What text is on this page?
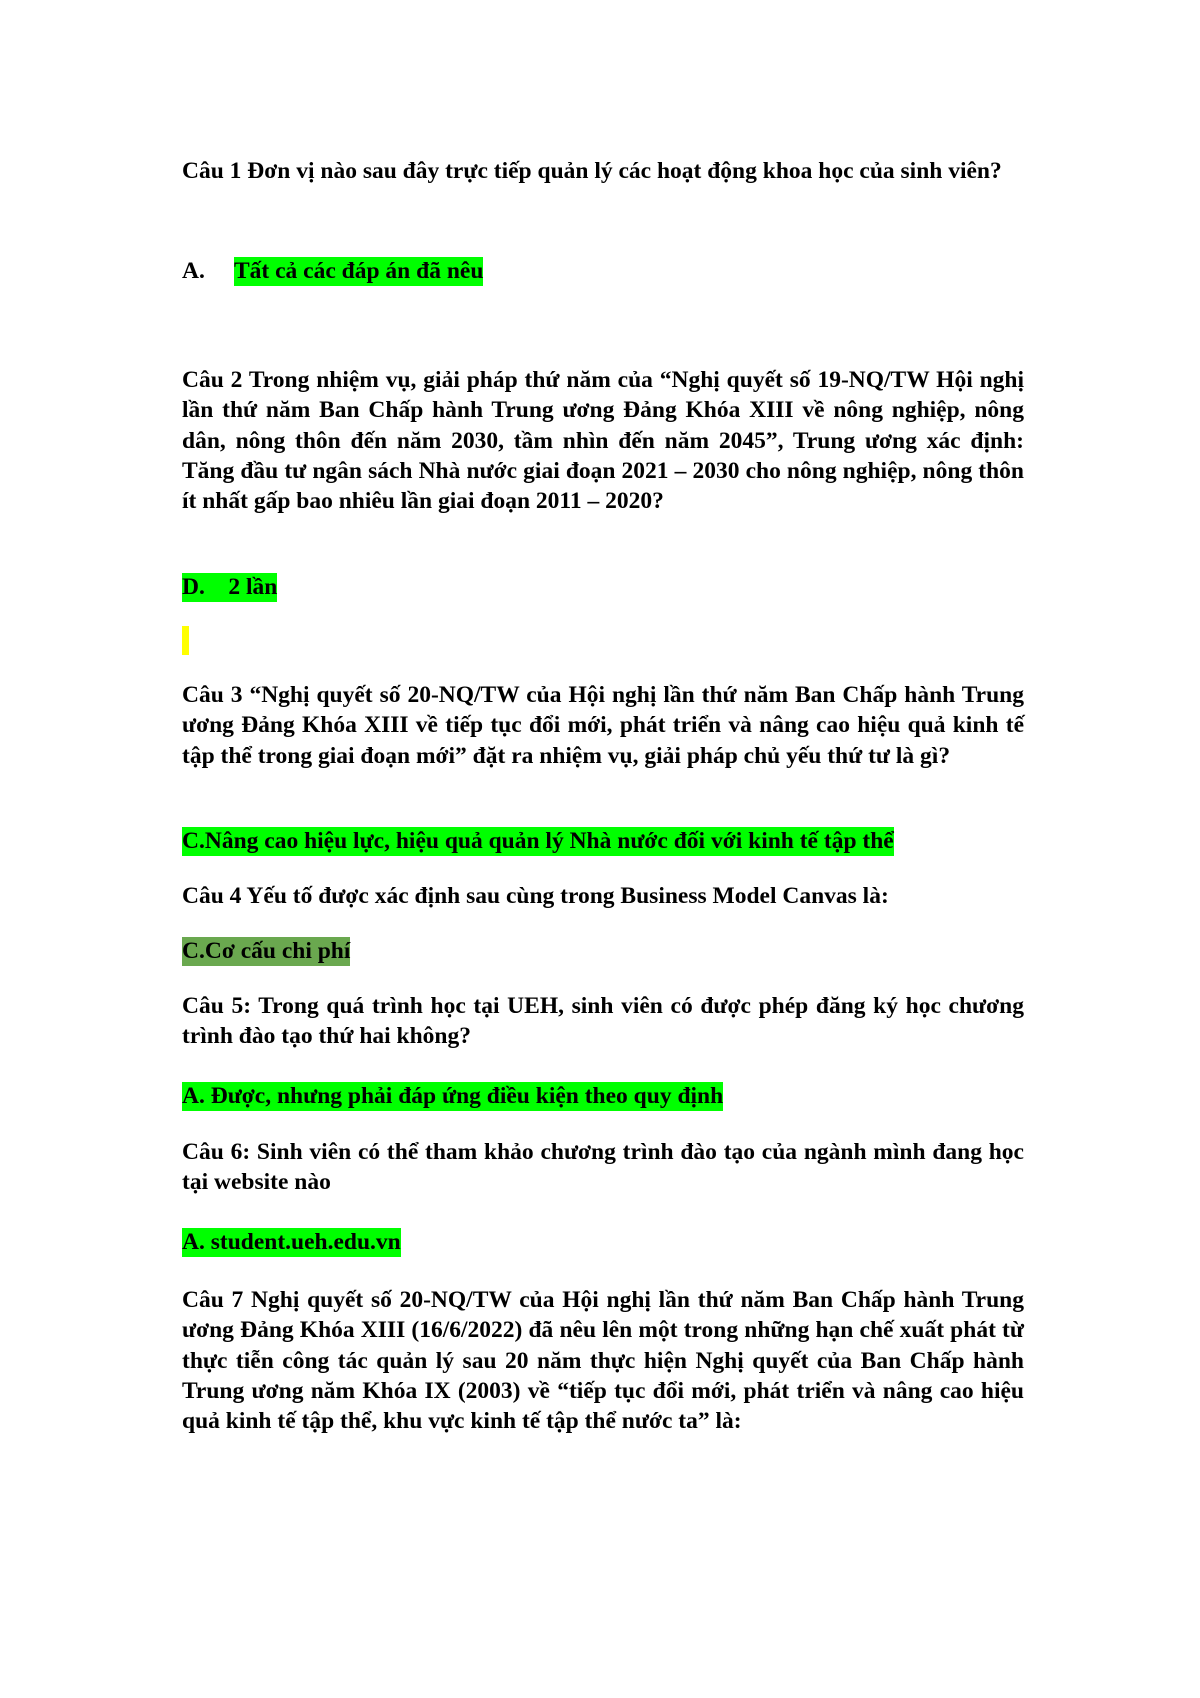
Câu 1 Đơn vị nào sau đây trực tiếp quản lý các hoạt động khoa học của sinh viên?

A. Tất cả các đáp án đã nêu

Câu 2 Trong nhiệm vụ, giải pháp thứ năm của “Nghị quyết số 19-NQ/TW Hội nghị lần thứ năm Ban Chấp hành Trung ương Đảng Khóa XIII về nông nghiệp, nông dân, nông thôn đến năm 2030, tầm nhìn đến năm 2045”, Trung ương xác định: Tăng đầu tư ngân sách Nhà nước giai đoạn 2021 – 2030 cho nông nghiệp, nông thôn ít nhất gấp bao nhiêu lần giai đoạn 2011 – 2020?

D.    2 lần

Câu 3 “Nghị quyết số 20-NQ/TW của Hội nghị lần thứ năm Ban Chấp hành Trung ương Đảng Khóa XIII về tiếp tục đổi mới, phát triển và nâng cao hiệu quả kinh tế tập thể trong giai đoạn mới” đặt ra nhiệm vụ, giải pháp chủ yếu thứ tư là gì?

C.Nâng cao hiệu lực, hiệu quả quản lý Nhà nước đối với kinh tế tập thể

Câu 4 Yếu tố được xác định sau cùng trong Business Model Canvas là:

C.Cơ cấu chi phí

Câu 5: Trong quá trình học tại UEH, sinh viên có được phép đăng ký học chương trình đào tạo thứ hai không?

A. Được, nhưng phải đáp ứng điều kiện theo quy định

Câu 6: Sinh viên có thể tham khảo chương trình đào tạo của ngành mình đang học tại website nào

A. student.ueh.edu.vn

Câu 7 Nghị quyết số 20-NQ/TW của Hội nghị lần thứ năm Ban Chấp hành Trung ương Đảng Khóa XIII (16/6/2022) đã nêu lên một trong những hạn chế xuất phát từ thực tiễn công tác quản lý sau 20 năm thực hiện Nghị quyết của Ban Chấp hành Trung ương năm Khóa IX (2003) về “tiếp tục đổi mới, phát triển và nâng cao hiệu quả kinh tế tập thể, khu vực kinh tế tập thể nước ta” là:
